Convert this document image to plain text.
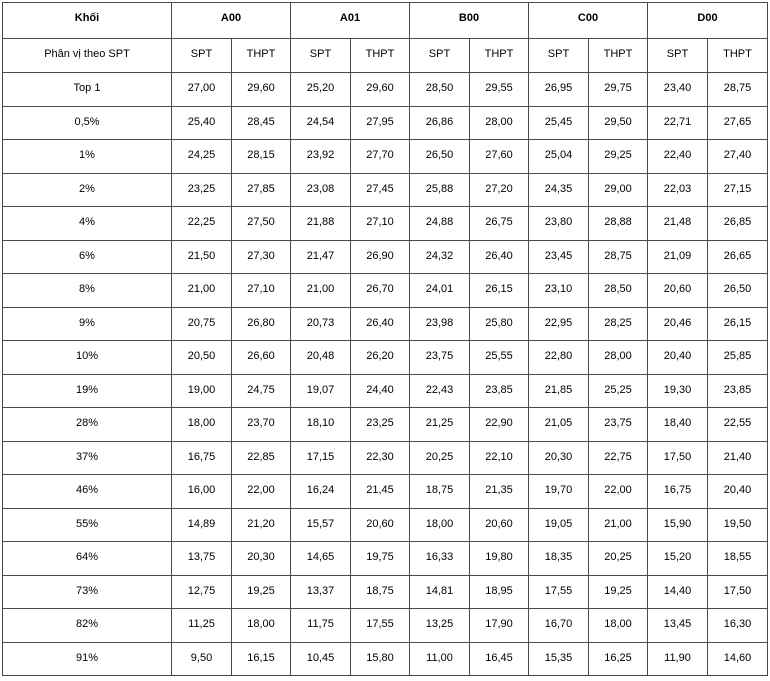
Khối	A00		A01		B00		C00		D00	
Phân vị theo SPT	SPT	THPT	SPT	THPT	SPT	THPT	SPT	THPT	SPT	THPT
Top 1	27,00	29,60	25,20	29,60	28,50	29,55	26,95	29,75	23,40	28,75
0,5%	25,40	28,45	24,54	27,95	26,86	28,00	25,45	29,50	22,71	27,65
1%	24,25	28,15	23,92	27,70	26,50	27,60	25,04	29,25	22,40	27,40
2%	23,25	27,85	23,08	27,45	25,88	27,20	24,35	29,00	22,03	27,15
4%	22,25	27,50	21,88	27,10	24,88	26,75	23,80	28,88	21,48	26,85
6%	21,50	27,30	21,47	26,90	24,32	26,40	23,45	28,75	21,09	26,65
8%	21,00	27,10	21,00	26,70	24,01	26,15	23,10	28,50	20,60	26,50
9%	20,75	26,80	20,73	26,40	23,98	25,80	22,95	28,25	20,46	26,15
10%	20,50	26,60	20,48	26,20	23,75	25,55	22,80	28,00	20,40	25,85
19%	19,00	24,75	19,07	24,40	22,43	23,85	21,85	25,25	19,30	23,85
28%	18,00	23,70	18,10	23,25	21,25	22,90	21,05	23,75	18,40	22,55
37%	16,75	22,85	17,15	22,30	20,25	22,10	20,30	22,75	17,50	21,40
46%	16,00	22,00	16,24	21,45	18,75	21,35	19,70	22,00	16,75	20,40
55%	14,89	21,20	15,57	20,60	18,00	20,60	19,05	21,00	15,90	19,50
64%	13,75	20,30	14,65	19,75	16,33	19,80	18,35	20,25	15,20	18,55
73%	12,75	19,25	13,37	18,75	14,81	18,95	17,55	19,25	14,40	17,50
82%	11,25	18,00	11,75	17,55	13,25	17,90	16,70	18,00	13,45	16,30
91%	9,50	16,15	10,45	15,80	11,00	16,45	15,35	16,25	11,90	14,60
